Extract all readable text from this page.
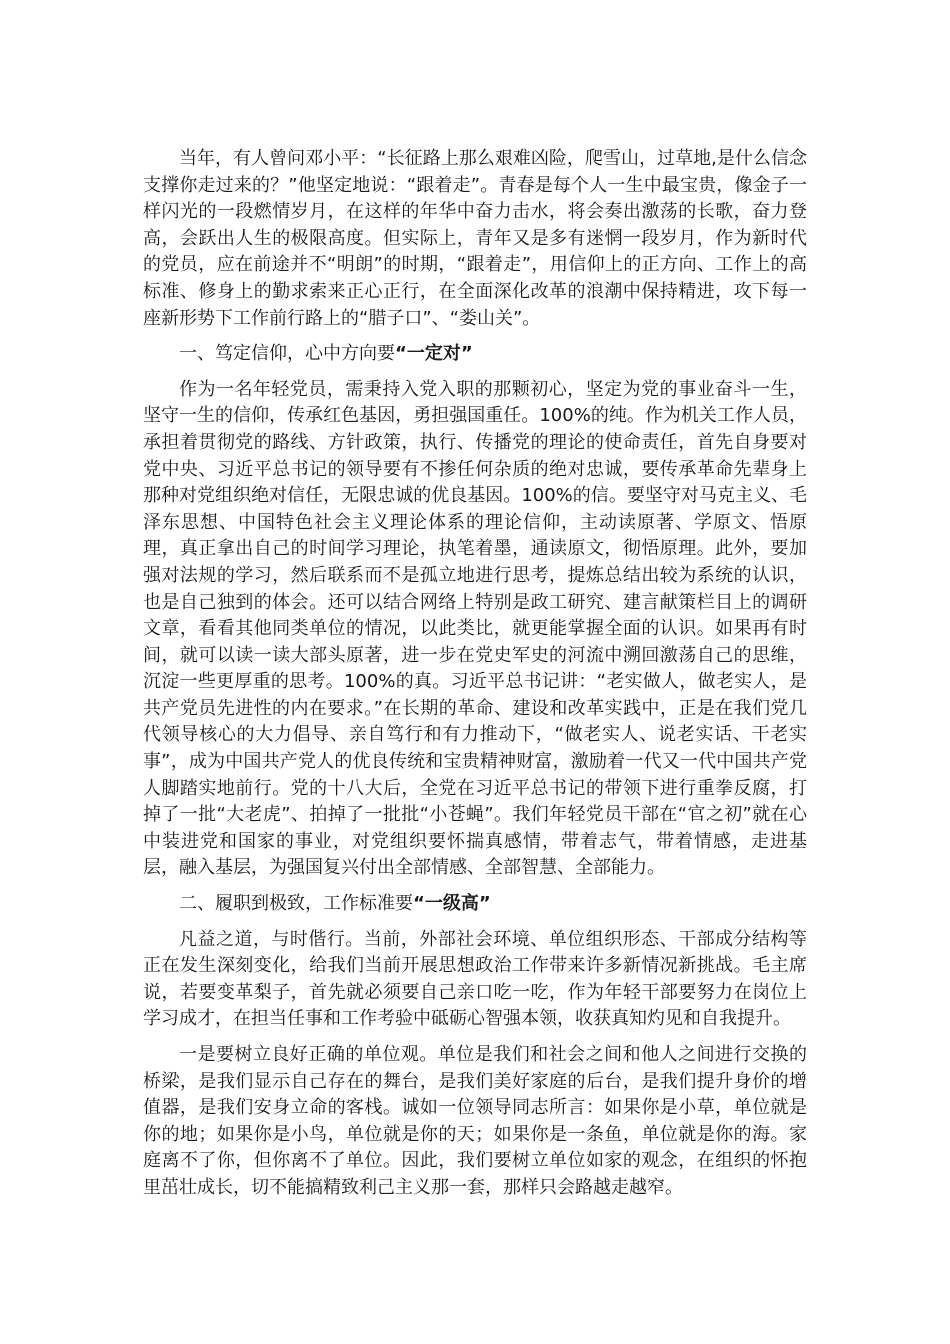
当年，有人曾问邓小平：“长征路上那么艰难凶险，爬雪山，过草地,是什么信念支撑你走过来的？”他坚定地说：“跟着走”。青春是每个人一生中最宝贵，像金子一样闪光的一段燃情岁月，在这样的年华中奋力击水，将会奏出激荡的长歌，奋力登高，会跃出人生的极限高度。但实际上，青年又是多有迷惘一段岁月，作为新时代的党员，应在前途并不“明朗”的时期，“跟着走”，用信仰上的正方向、工作上的高标准、修身上的勤求索来正心正行，在全面深化改革的浪潮中保持精进，攻下每一座新形势下工作前行路上的“腊子口”、“娄山关”。

一、笃定信仰，心中方向要“一定对”

作为一名年轻党员，需秉持入党入职的那颗初心，坚定为党的事业奋斗一生，坚守一生的信仰，传承红色基因，勇担强国重任。100%的纯。作为机关工作人员，承担着贯彻党的路线、方针政策，执行、传播党的理论的使命责任，首先自身要对党中央、习近平总书记的领导要有不掺任何杂质的绝对忠诚，要传承革命先辈身上那种对党组织绝对信任，无限忠诚的优良基因。100%的信。要坚守对马克主义、毛泽东思想、中国特色社会主义理论体系的理论信仰，主动读原著、学原文、悟原理，真正拿出自己的时间学习理论，执笔着墨，通读原文，彻悟原理。此外，要加强对法规的学习，然后联系而不是孤立地进行思考，提炼总结出较为系统的认识，也是自己独到的体会。还可以结合网络上特别是政工研究、建言献策栏目上的调研文章，看看其他同类单位的情况，以此类比，就更能掌握全面的认识。如果再有时间，就可以读一读大部头原著，进一步在党史军史的河流中溯回激荡自己的思维，沉淀一些更厚重的思考。100%的真。习近平总书记讲：“老实做人，做老实人，是共产党员先进性的内在要求。”在长期的革命、建设和改革实践中，正是在我们党几代领导核心的大力倡导、亲自笃行和有力推动下，“做老实人、说老实话、干老实事”，成为中国共产党人的优良传统和宝贵精神财富，激励着一代又一代中国共产党人脚踏实地前行。党的十八大后，全党在习近平总书记的带领下进行重拳反腐，打掉了一批“大老虎”、拍掉了一批批“小苍蝇”。我们年轻党员干部在“官之初”就在心中装进党和国家的事业，对党组织要怀揣真感情，带着志气，带着情感，走进基层，融入基层，为强国复兴付出全部情感、全部智慧、全部能力。

二、履职到极致，工作标准要“一级高”

凡益之道，与时偕行。当前，外部社会环境、单位组织形态、干部成分结构等正在发生深刻变化，给我们当前开展思想政治工作带来许多新情况新挑战。毛主席说，若要变革梨子，首先就必须要自己亲口吃一吃，作为年轻干部要努力在岗位上学习成才，在担当任事和工作考验中砥砺心智强本领，收获真知灼见和自我提升。

一是要树立良好正确的单位观。单位是我们和社会之间和他人之间进行交换的桥梁，是我们显示自己存在的舞台，是我们美好家庭的后台，是我们提升身价的增值器，是我们安身立命的客栈。诚如一位领导同志所言：如果你是小草，单位就是你的地；如果你是小鸟，单位就是你的天；如果你是一条鱼，单位就是你的海。家庭离不了你，但你离不了单位。因此，我们要树立单位如家的观念，在组织的怀抱里茁壮成长，切不能搞精致利己主义那一套，那样只会路越走越窄。
